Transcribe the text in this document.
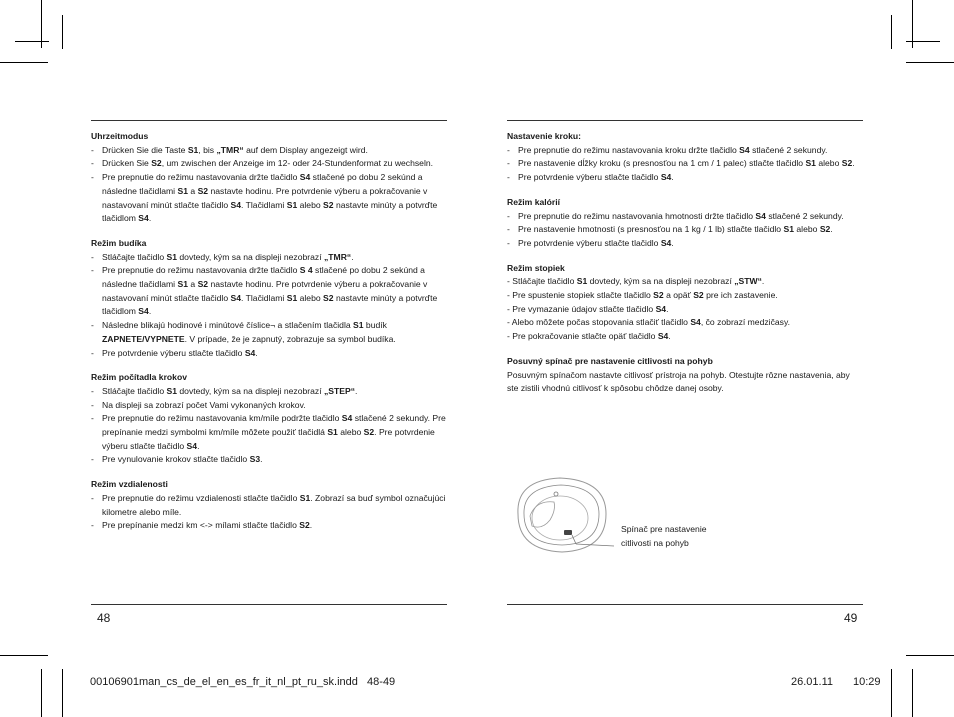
Uhrzeitmodus
- Drücken Sie die Taste S1, bis „TMR“ auf dem Display angezeigt wird.
- Drücken Sie S2, um zwischen der Anzeige im 12- oder 24-Stundenformat zu wechseln.
- Pre prepnutie do režimu nastavovania držte tlačidlo S4 stlačené po dobu 2 sekúnd a následne tlačidlami S1 a S2 nastavte hodinu. Pre potvrdenie výberu a pokračovanie v nastavovaní minút stlačte tlačidlo S4. Tlačidlami S1 alebo S2 nastavte minúty a potvrďte tlačidlom S4.
Režim budíka
- Stláčajte tlačidlo S1 dovtedy, kým sa na displeji nezobrazí „TMR“.
- Pre prepnutie do režimu nastavovania držte tlačidlo S 4 stlačené po dobu 2 sekúnd a následne tlačidlami S1 a S2 nastavte hodinu. Pre potvrdenie výberu a pokračovanie v nastavovaní minút stlačte tlačidlo S4. Tlačidlami S1 alebo S2 nastavte minúty a potvrďte tlačidlom S4.
- Následne blikajú hodinové i minútové číslice¬ a stlačením tlačidla S1 budík ZAPNETE/VYPNETE. V prípade, že je zapnutý, zobrazuje sa symbol budíka.
- Pre potvrdenie výberu stlačte tlačidlo S4.
Režim počítadla krokov
- Stláčajte tlačidlo S1 dovtedy, kým sa na displeji nezobrazí „STEP“.
- Na displeji sa zobrazí počet Vami vykonaných krokov.
- Pre prepnutie do režimu nastavovania km/míle podržte tlačidlo S4 stlačené 2 sekundy. Pre prepínanie medzi symbolmi km/míle môžete použiť tlačidlá S1 alebo S2. Pre potvrdenie výberu stlačte tlačidlo S4.
- Pre vynulovanie krokov stlačte tlačidlo S3.
Režim vzdialenosti
- Pre prepnutie do režimu vzdialenosti stlačte tlačidlo S1. Zobrazí sa buď symbol označujúci kilometre alebo míle.
- Pre prepínanie medzi km <-> mílami stlačte tlačidlo S2.
48
Nastavenie kroku:
- Pre prepnutie do režimu nastavovania kroku držte tlačidlo S4 stlačené 2 sekundy.
- Pre nastavenie dĺžky kroku (s presnosťou na 1 cm / 1 palec) stlačte tlačidlo S1 alebo S2.
- Pre potvrdenie výberu stlačte tlačidlo S4.
Režim kalórií
- Pre prepnutie do režimu nastavovania hmotnosti držte tlačidlo S4 stlačené 2 sekundy.
- Pre nastavenie hmotnosti (s presnosťou na 1 kg / 1 lb) stlačte tlačidlo S1 alebo S2.
- Pre potvrdenie výberu stlačte tlačidlo S4.
Režim stopiek
- Stláčajte tlačidlo S1 dovtedy, kým sa na displeji nezobrazí „STW“.
- Pre spustenie stopiek stlačte tlačidlo S2 a opäť S2 pre ich zastavenie.
- Pre vymazanie údajov stlačte tlačidlo S4.
- Alebo môžete počas stopovania stlačiť tlačidlo S4, čo zobrazí medzičasy.
- Pre pokračovanie stlačte opäť tlačidlo S4.
Posuvný spínač pre nastavenie citlivosti na pohyb
Posuvným spínačom nastavte citlivosť prístroja na pohyb. Otestujte rôzne nastavenia, aby ste zistili vhodnú citlivosť k spôsobu chôdze danej osoby.
Spínač pre nastavenie
citlivosti na pohyb
49
00106901man_cs_de_el_en_es_fr_it_nl_pt_ru_sk.indd   48-49	26.01.11 10:29
